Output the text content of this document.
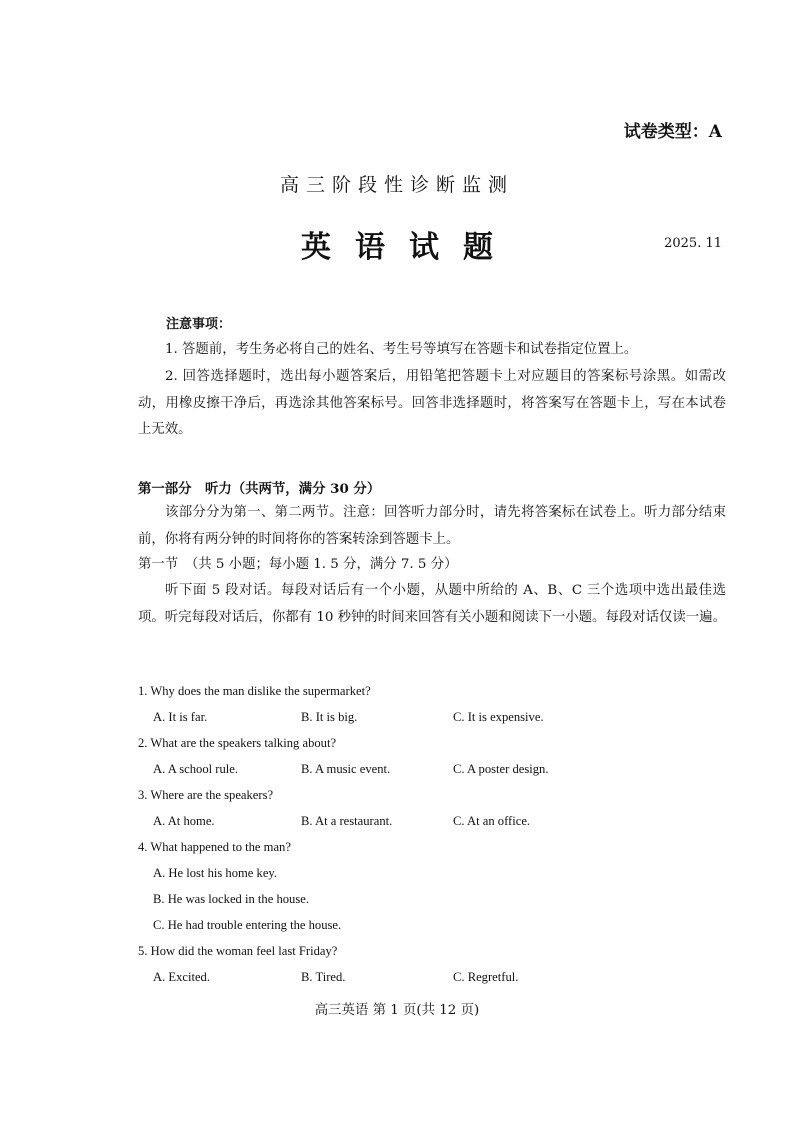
试卷类型：A
高三阶段性诊断监测
英语试题	2025. 11
注意事项：
1. 答题前，考生务必将自己的姓名、考生号等填写在答题卡和试卷指定位置上。
2. 回答选择题时，选出每小题答案后，用铅笔把答题卡上对应题目的答案标号涂黑。如需改动，用橡皮擦干净后，再选涂其他答案标号。回答非选择题时，将答案写在答题卡上，写在本试卷上无效。
第一部分　听力（共两节，满分 30 分）
该部分分为第一、第二两节。注意：回答听力部分时，请先将答案标在试卷上。听力部分结束前，你将有两分钟的时间将你的答案转涂到答题卡上。
第一节　（共 5 小题；每小题 1. 5 分，满分 7. 5 分）
听下面 5 段对话。每段对话后有一个小题，从题中所给的 A、B、C 三个选项中选出最佳选项。听完每段对话后，你都有 10 秒钟的时间来回答有关小题和阅读下一小题。每段对话仅读一遍。
1. Why does the man dislike the supermarket?
A. It is far.	B. It is big.	C. It is expensive.
2. What are the speakers talking about?
A. A school rule.	B. A music event.	C. A poster design.
3. Where are the speakers?
A. At home.	B. At a restaurant.	C. At an office.
4. What happened to the man?
A. He lost his home key.
B. He was locked in the house.
C. He had trouble entering the house.
5. How did the woman feel last Friday?
A. Excited.	B. Tired.	C. Regretful.
高三英语 第 1 页(共 12 页)
